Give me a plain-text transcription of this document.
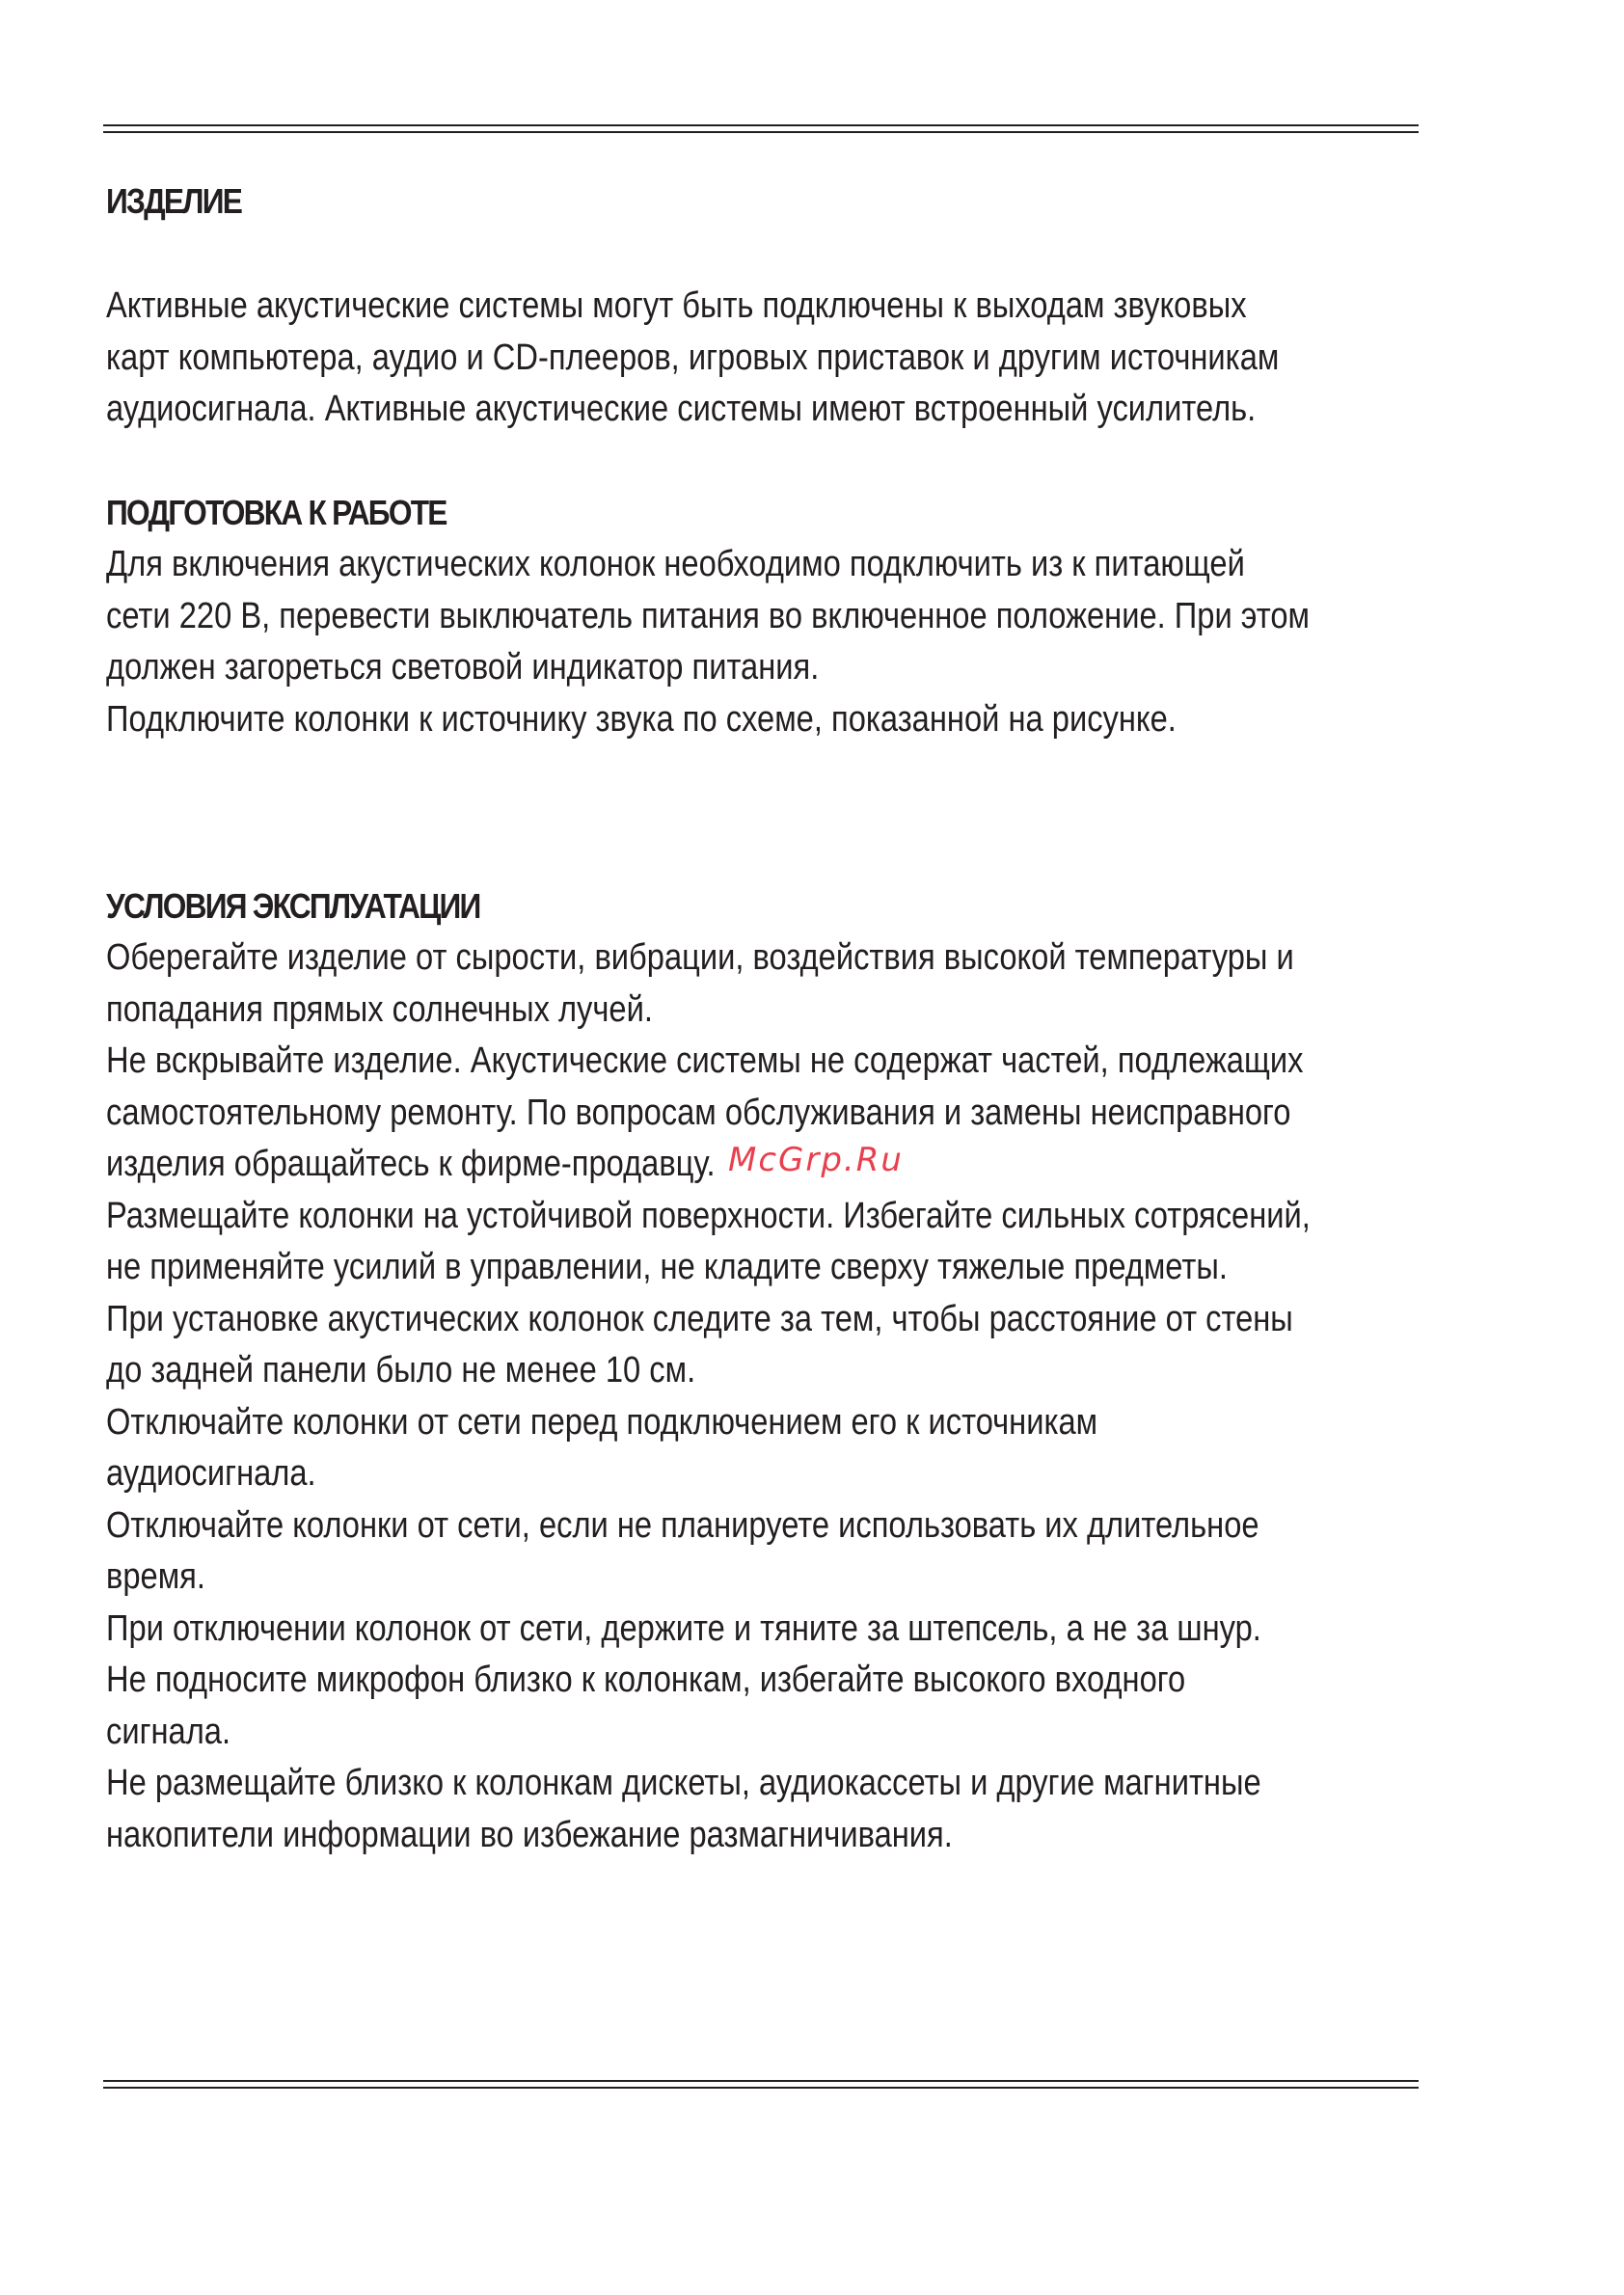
ИЗДЕЛИЕ
Активные акустические системы могут быть подключены к выходам звуковых
карт компьютера, аудио и CD-плееров, игровых приставок и другим источникам
аудиосигнала. Активные акустические системы имеют встроенный усилитель.
ПОДГОТОВКА К РАБОТЕ
Для включения акустических колонок необходимо подключить из к питающей
сети 220 В, перевести выключатель питания во включенное положение. При этом
должен загореться световой индикатор питания.
Подключите колонки к источнику звука по схеме, показанной на рисунке.
УСЛОВИЯ ЭКСПЛУАТАЦИИ
Оберегайте изделие от сырости, вибрации, воздействия высокой температуры и
попадания прямых солнечных лучей.
Не вскрывайте изделие. Акустические системы не содержат частей, подлежащих
самостоятельному ремонту. По вопросам обслуживания и замены неисправного
изделия обращайтесь к фирме-продавцу.
Размещайте колонки на устойчивой поверхности. Избегайте сильных сотрясений,
не применяйте усилий в управлении, не кладите сверху тяжелые предметы.
При установке акустических колонок следите за тем, чтобы расстояние от стены
до задней панели было не менее 10 см.
Отключайте колонки от сети перед подключением его к источникам
аудиосигнала.
Отключайте колонки от сети, если не планируете использовать их длительное
время.
При отключении колонок от сети, держите и тяните за штепсель, а не за шнур.
Не подносите микрофон близко к колонкам, избегайте высокого входного
сигнала.
Не размещайте близко к колонкам дискеты, аудиокассеты и другие магнитные
накопители информации во избежание размагничивания.
McGrp.Ru
